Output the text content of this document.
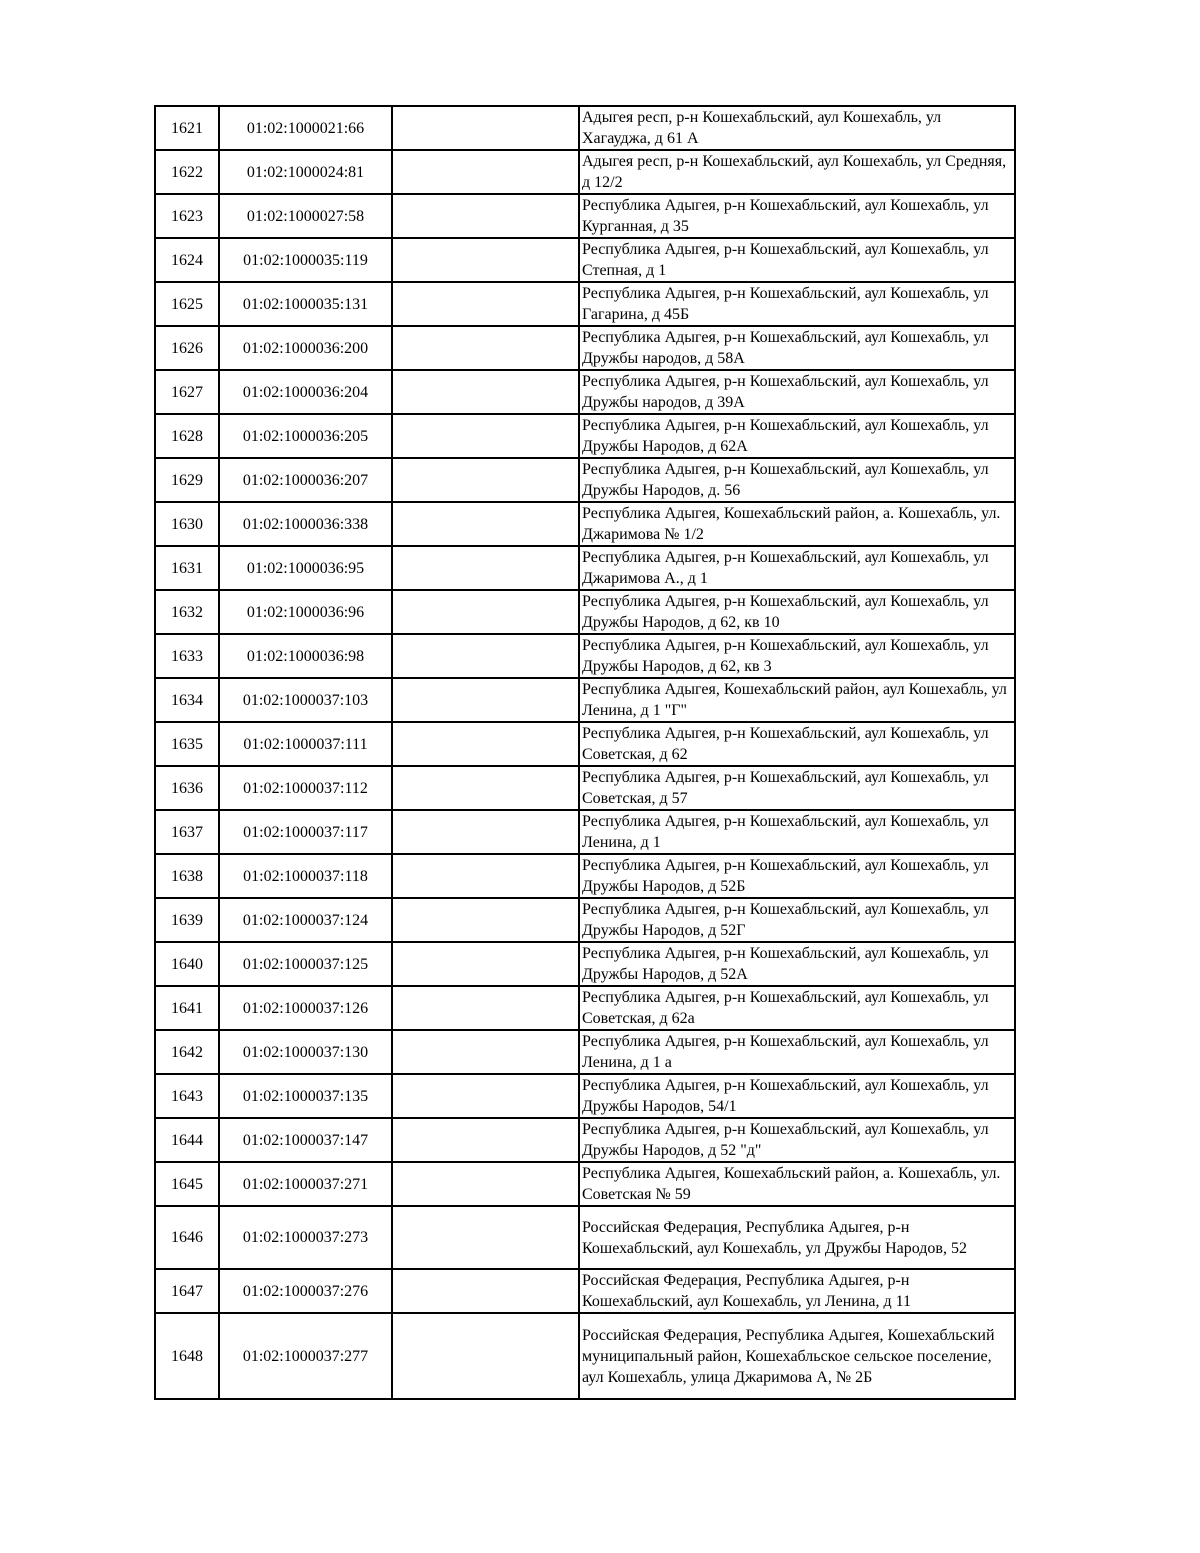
1621	01:02:1000021:66		Адыгея респ, р-н Кошехабльский, аул Кошехабль, ул Хагауджа, д 61 А
1622	01:02:1000024:81		Адыгея респ, р-н Кошехабльский, аул Кошехабль, ул Средняя, д 12/2
1623	01:02:1000027:58		Республика Адыгея, р-н Кошехабльский, аул Кошехабль, ул Курганная, д 35
1624	01:02:1000035:119		Республика Адыгея, р-н Кошехабльский, аул Кошехабль, ул Степная, д 1
1625	01:02:1000035:131		Республика Адыгея, р-н Кошехабльский, аул Кошехабль, ул Гагарина, д 45Б
1626	01:02:1000036:200		Республика Адыгея, р-н Кошехабльский, аул Кошехабль, ул Дружбы народов, д 58А
1627	01:02:1000036:204		Республика Адыгея, р-н Кошехабльский, аул Кошехабль, ул Дружбы народов, д 39А
1628	01:02:1000036:205		Республика Адыгея, р-н Кошехабльский, аул Кошехабль, ул Дружбы Народов, д 62А
1629	01:02:1000036:207		Республика Адыгея, р-н Кошехабльский, аул Кошехабль, ул Дружбы Народов, д. 56
1630	01:02:1000036:338		Республика Адыгея, Кошехабльский район, а. Кошехабль, ул. Джаримова № 1/2
1631	01:02:1000036:95		Республика Адыгея, р-н Кошехабльский, аул Кошехабль, ул Джаримова А., д 1
1632	01:02:1000036:96		Республика Адыгея, р-н Кошехабльский, аул Кошехабль, ул Дружбы Народов, д 62, кв 10
1633	01:02:1000036:98		Республика Адыгея, р-н Кошехабльский, аул Кошехабль, ул Дружбы Народов, д 62, кв 3
1634	01:02:1000037:103		Республика Адыгея, Кошехабльский район, аул Кошехабль, ул Ленина, д 1 "Г"
1635	01:02:1000037:111		Республика Адыгея, р-н Кошехабльский, аул Кошехабль, ул Советская, д 62
1636	01:02:1000037:112		Республика Адыгея, р-н Кошехабльский, аул Кошехабль, ул Советская, д 57
1637	01:02:1000037:117		Республика Адыгея, р-н Кошехабльский, аул Кошехабль, ул Ленина, д 1
1638	01:02:1000037:118		Республика Адыгея, р-н Кошехабльский, аул Кошехабль, ул Дружбы Народов, д 52Б
1639	01:02:1000037:124		Республика Адыгея, р-н Кошехабльский, аул Кошехабль, ул Дружбы Народов, д 52Г
1640	01:02:1000037:125		Республика Адыгея, р-н Кошехабльский, аул Кошехабль, ул Дружбы Народов, д 52А
1641	01:02:1000037:126		Республика Адыгея, р-н Кошехабльский, аул Кошехабль, ул Советская, д 62а
1642	01:02:1000037:130		Республика Адыгея, р-н Кошехабльский, аул Кошехабль, ул Ленина, д 1 а
1643	01:02:1000037:135		Республика Адыгея, р-н Кошехабльский, аул Кошехабль, ул Дружбы Народов, 54/1
1644	01:02:1000037:147		Республика Адыгея, р-н Кошехабльский, аул Кошехабль, ул Дружбы Народов, д 52 "д"
1645	01:02:1000037:271		Республика Адыгея, Кошехабльский район, а. Кошехабль, ул. Советская № 59
1646	01:02:1000037:273		Российская Федерация, Республика Адыгея, р-н Кошехабльский, аул Кошехабль, ул Дружбы Народов, 52
1647	01:02:1000037:276		Российская Федерация, Республика Адыгея, р-н Кошехабльский, аул Кошехабль, ул Ленина, д 11
1648	01:02:1000037:277		Российская Федерация, Республика Адыгея, Кошехабльский муниципальный район, Кошехабльское сельское поселение, аул Кошехабль, улица Джаримова А, № 2Б
